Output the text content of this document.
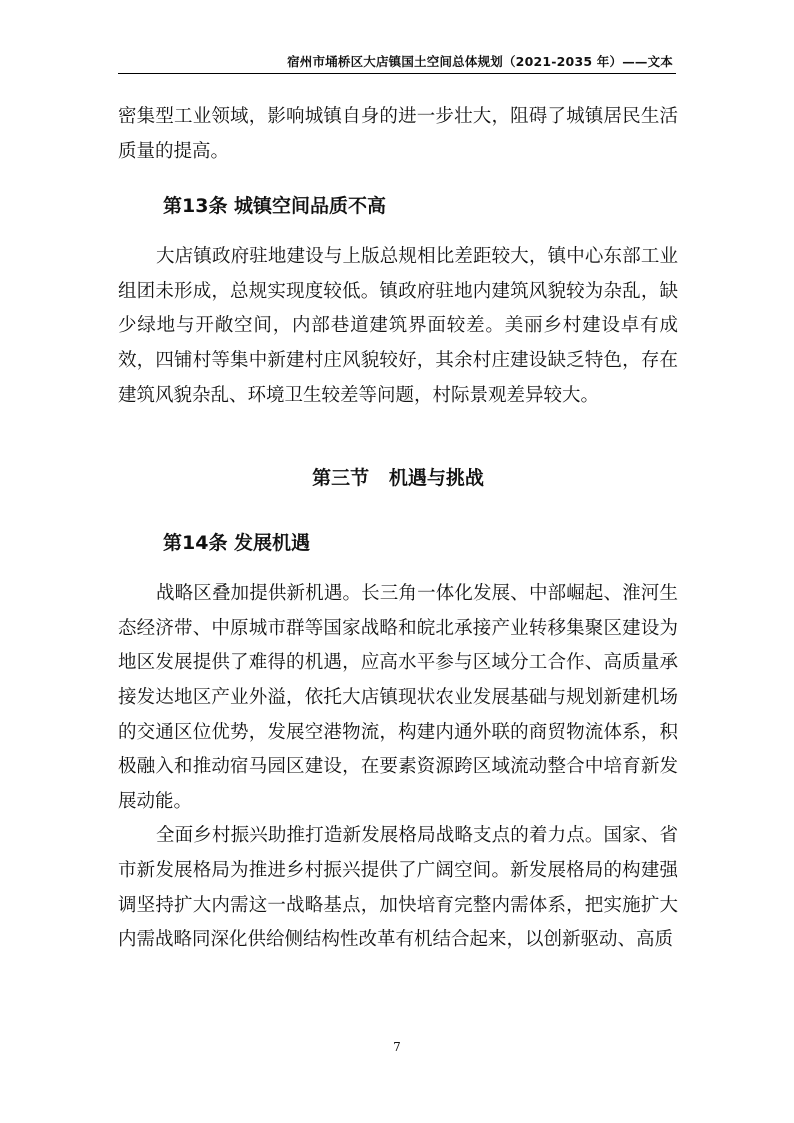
宿州市埇桥区大店镇国土空间总体规划（2021-2035 年）——文本

密集型工业领域，影响城镇自身的进一步壮大，阻碍了城镇居民生活质量的提高。

第13条 城镇空间品质不高

大店镇政府驻地建设与上版总规相比差距较大，镇中心东部工业组团未形成，总规实现度较低。镇政府驻地内建筑风貌较为杂乱，缺少绿地与开敞空间，内部巷道建筑界面较差。美丽乡村建设卓有成效，四铺村等集中新建村庄风貌较好，其余村庄建设缺乏特色，存在建筑风貌杂乱、环境卫生较差等问题，村际景观差异较大。

第三节   机遇与挑战
第14条 发展机遇

战略区叠加提供新机遇。长三角一体化发展、中部崛起、淮河生态经济带、中原城市群等国家战略和皖北承接产业转移集聚区建设为地区发展提供了难得的机遇，应高水平参与区域分工合作、高质量承接发达地区产业外溢，依托大店镇现状农业发展基础与规划新建机场的交通区位优势，发展空港物流，构建内通外联的商贸物流体系，积极融入和推动宿马园区建设，在要素资源跨区域流动整合中培育新发展动能。

全面乡村振兴助推打造新发展格局战略支点的着力点。国家、省市新发展格局为推进乡村振兴提供了广阔空间。新发展格局的构建强调坚持扩大内需这一战略基点，加快培育完整内需体系，把实施扩大内需战略同深化供给侧结构性改革有机结合起来，以创新驱动、高质

7
